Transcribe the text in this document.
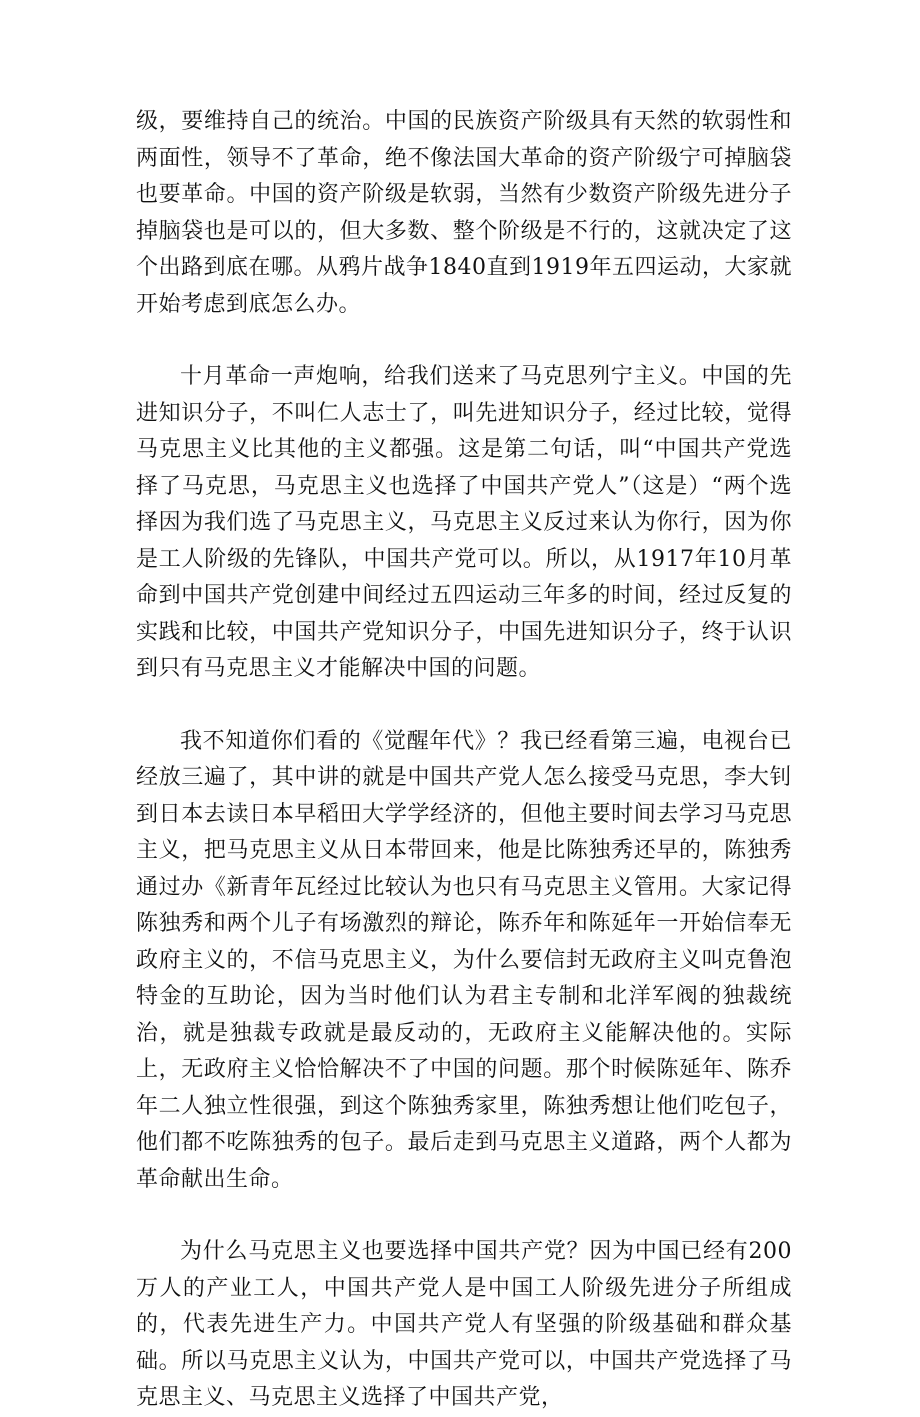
级，要维持自己的统治。中国的民族资产阶级具有天然的软弱性和两面性，领导不了革命，绝不像法国大革命的资产阶级宁可掉脑袋也要革命。中国的资产阶级是软弱，当然有少数资产阶级先进分子掉脑袋也是可以的，但大多数、整个阶级是不行的，这就决定了这个出路到底在哪。从鸦片战争1840直到1919年五四运动，大家就开始考虑到底怎么办。

十月革命一声炮响，给我们送来了马克思列宁主义。中国的先进知识分子，不叫仁人志士了，叫先进知识分子，经过比较，觉得马克思主义比其他的主义都强。这是第二句话，叫“中国共产党选择了马克思，马克思主义也选择了中国共产党人”（这是）“两个选择因为我们选了马克思主义，马克思主义反过来认为你行，因为你是工人阶级的先锋队，中国共产党可以。所以，从1917年10月革命到中国共产党创建中间经过五四运动三年多的时间，经过反复的实践和比较，中国共产党知识分子，中国先进知识分子，终于认识到只有马克思主义才能解决中国的问题。

我不知道你们看的《觉醒年代》？我已经看第三遍，电视台已经放三遍了，其中讲的就是中国共产党人怎么接受马克思，李大钊到日本去读日本早稻田大学学经济的，但他主要时间去学习马克思主义，把马克思主义从日本带回来，他是比陈独秀还早的，陈独秀通过办《新青年瓦经过比较认为也只有马克思主义管用。大家记得陈独秀和两个儿子有场激烈的辩论，陈乔年和陈延年一开始信奉无政府主义的，不信马克思主义，为什么要信封无政府主义叫克鲁泡特金的互助论，因为当时他们认为君主专制和北洋军阀的独裁统治，就是独裁专政就是最反动的，无政府主义能解决他的。实际上，无政府主义恰恰解决不了中国的问题。那个时候陈延年、陈乔年二人独立性很强，到这个陈独秀家里，陈独秀想让他们吃包子，他们都不吃陈独秀的包子。最后走到马克思主义道路，两个人都为革命献出生命。

为什么马克思主义也要选择中国共产党？因为中国已经有200万人的产业工人，中国共产党人是中国工人阶级先进分子所组成的，代表先进生产力。中国共产党人有坚强的阶级基础和群众基础。所以马克思主义认为，中国共产党可以，中国共产党选择了马克思主义、马克思主义选择了中国共产党，
